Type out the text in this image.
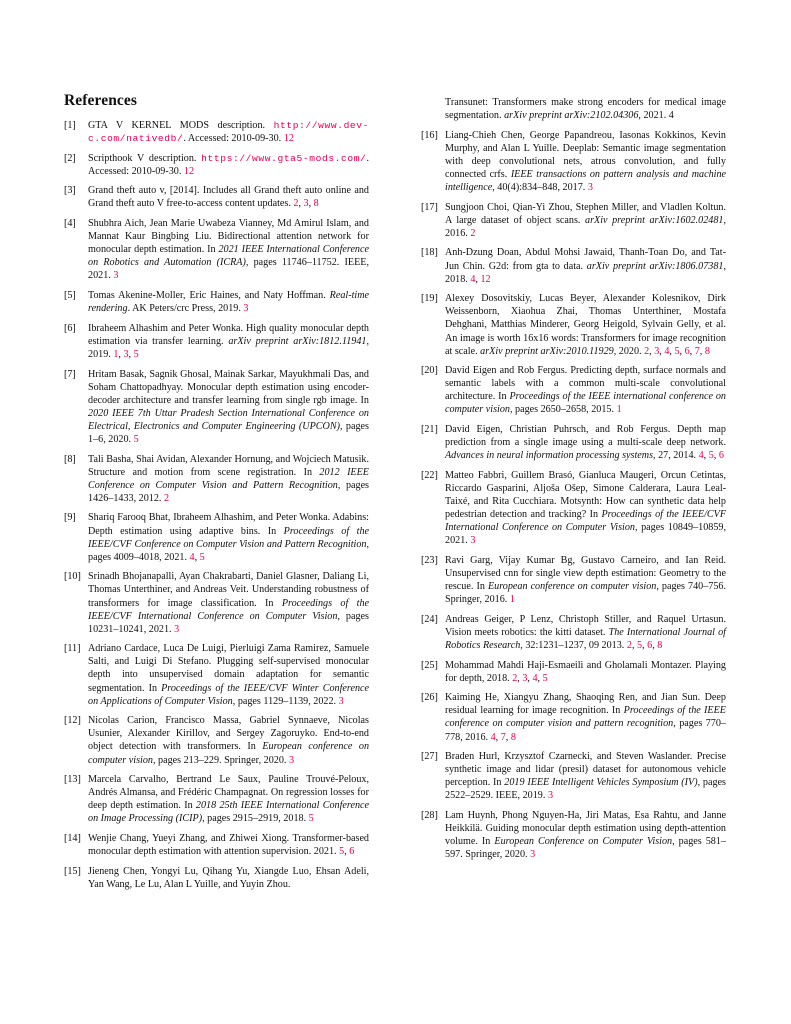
References
[1]	GTA V KERNEL MODS description. http://www.dev-c.com/nativedb/. Accessed: 2010-09-30. 12
[2]	Scripthook V description. https://www.gta5-mods.com/. Accessed: 2010-09-30. 12
[3]	Grand theft auto v, [2014]. Includes all Grand theft auto online and Grand theft auto V free-to-access content updates. 2, 3, 8
[4]	Shubhra Aich, Jean Marie Uwabeza Vianney, Md Amirul Islam, and Mannat Kaur Bingbing Liu. Bidirectional attention network for monocular depth estimation. In 2021 IEEE International Conference on Robotics and Automation (ICRA), pages 11746–11752. IEEE, 2021. 3
[5]	Tomas Akenine-Moller, Eric Haines, and Naty Hoffman. Real-time rendering. AK Peters/crc Press, 2019. 3
[6]	Ibraheem Alhashim and Peter Wonka. High quality monocular depth estimation via transfer learning. arXiv preprint arXiv:1812.11941, 2019. 1, 3, 5
[7]	Hritam Basak, Sagnik Ghosal, Mainak Sarkar, Mayukhmali Das, and Soham Chattopadhyay. Monocular depth estimation using encoder-decoder architecture and transfer learning from single rgb image. In 2020 IEEE 7th Uttar Pradesh Section International Conference on Electrical, Electronics and Computer Engineering (UPCON), pages 1–6, 2020. 5
[8]	Tali Basha, Shai Avidan, Alexander Hornung, and Wojciech Matusik. Structure and motion from scene registration. In 2012 IEEE Conference on Computer Vision and Pattern Recognition, pages 1426–1433, 2012. 2
[9]	Shariq Farooq Bhat, Ibraheem Alhashim, and Peter Wonka. Adabins: Depth estimation using adaptive bins. In Proceedings of the IEEE/CVF Conference on Computer Vision and Pattern Recognition, pages 4009–4018, 2021. 4, 5
[10] Srinadh Bhojanapalli, Ayan Chakrabarti, Daniel Glasner, Daliang Li, Thomas Unterthiner, and Andreas Veit. Understanding robustness of transformers for image classification. In Proceedings of the IEEE/CVF International Conference on Computer Vision, pages 10231–10241, 2021. 3
[11] Adriano Cardace, Luca De Luigi, Pierluigi Zama Ramirez, Samuele Salti, and Luigi Di Stefano. Plugging self-supervised monocular depth into unsupervised domain adaptation for semantic segmentation. In Proceedings of the IEEE/CVF Winter Conference on Applications of Computer Vision, pages 1129–1139, 2022. 3
[12] Nicolas Carion, Francisco Massa, Gabriel Synnaeve, Nicolas Usunier, Alexander Kirillov, and Sergey Zagoruyko. End-to-end object detection with transformers. In European conference on computer vision, pages 213–229. Springer, 2020. 3
[13] Marcela Carvalho, Bertrand Le Saux, Pauline Trouvé-Peloux, Andrés Almansa, and Frédéric Champagnat. On regression losses for deep depth estimation. In 2018 25th IEEE International Conference on Image Processing (ICIP), pages 2915–2919, 2018. 5
[14] Wenjie Chang, Yueyi Zhang, and Zhiwei Xiong. Transformer-based monocular depth estimation with attention supervision. 2021. 5, 6
[15] Jieneng Chen, Yongyi Lu, Qihang Yu, Xiangde Luo, Ehsan Adeli, Yan Wang, Le Lu, Alan L Yuille, and Yuyin Zhou.
Transunet: Transformers make strong encoders for medical image segmentation. arXiv preprint arXiv:2102.04306, 2021. 4
[16] Liang-Chieh Chen, George Papandreou, Iasonas Kokkinos, Kevin Murphy, and Alan L Yuille. Deeplab: Semantic image segmentation with deep convolutional nets, atrous convolution, and fully connected crfs. IEEE transactions on pattern analysis and machine intelligence, 40(4):834–848, 2017. 3
[17] Sungjoon Choi, Qian-Yi Zhou, Stephen Miller, and Vladlen Koltun. A large dataset of object scans. arXiv preprint arXiv:1602.02481, 2016. 2
[18] Anh-Dzung Doan, Abdul Mohsi Jawaid, Thanh-Toan Do, and Tat-Jun Chin. G2d: from gta to data. arXiv preprint arXiv:1806.07381, 2018. 4, 12
[19] Alexey Dosovitskiy, Lucas Beyer, Alexander Kolesnikov, Dirk Weissenborn, Xiaohua Zhai, Thomas Unterthiner, Mostafa Dehghani, Matthias Minderer, Georg Heigold, Sylvain Gelly, et al. An image is worth 16x16 words: Transformers for image recognition at scale. arXiv preprint arXiv:2010.11929, 2020. 2, 3, 4, 5, 6, 7, 8
[20] David Eigen and Rob Fergus. Predicting depth, surface normals and semantic labels with a common multi-scale convolutional architecture. In Proceedings of the IEEE international conference on computer vision, pages 2650–2658, 2015. 1
[21] David Eigen, Christian Puhrsch, and Rob Fergus. Depth map prediction from a single image using a multi-scale deep network. Advances in neural information processing systems, 27, 2014. 4, 5, 6
[22] Matteo Fabbri, Guillem Brasó, Gianluca Maugeri, Orcun Cetintas, Riccardo Gasparini, Aljoša Ošep, Simone Calderara, Laura Leal-Taixé, and Rita Cucchiara. Motsynth: How can synthetic data help pedestrian detection and tracking? In Proceedings of the IEEE/CVF International Conference on Computer Vision, pages 10849–10859, 2021. 3
[23] Ravi Garg, Vijay Kumar Bg, Gustavo Carneiro, and Ian Reid. Unsupervised cnn for single view depth estimation: Geometry to the rescue. In European conference on computer vision, pages 740–756. Springer, 2016. 1
[24] Andreas Geiger, P Lenz, Christoph Stiller, and Raquel Urtasun. Vision meets robotics: the kitti dataset. The International Journal of Robotics Research, 32:1231–1237, 09 2013. 2, 5, 6, 8
[25] Mohammad Mahdi Haji-Esmaeili and Gholamali Montazer. Playing for depth, 2018. 2, 3, 4, 5
[26] Kaiming He, Xiangyu Zhang, Shaoqing Ren, and Jian Sun. Deep residual learning for image recognition. In Proceedings of the IEEE conference on computer vision and pattern recognition, pages 770–778, 2016. 4, 7, 8
[27] Braden Hurl, Krzysztof Czarnecki, and Steven Waslander. Precise synthetic image and lidar (presil) dataset for autonomous vehicle perception. In 2019 IEEE Intelligent Vehicles Symposium (IV), pages 2522–2529. IEEE, 2019. 3
[28] Lam Huynh, Phong Nguyen-Ha, Jiri Matas, Esa Rahtu, and Janne Heikkilä. Guiding monocular depth estimation using depth-attention volume. In European Conference on Computer Vision, pages 581–597. Springer, 2020. 3
